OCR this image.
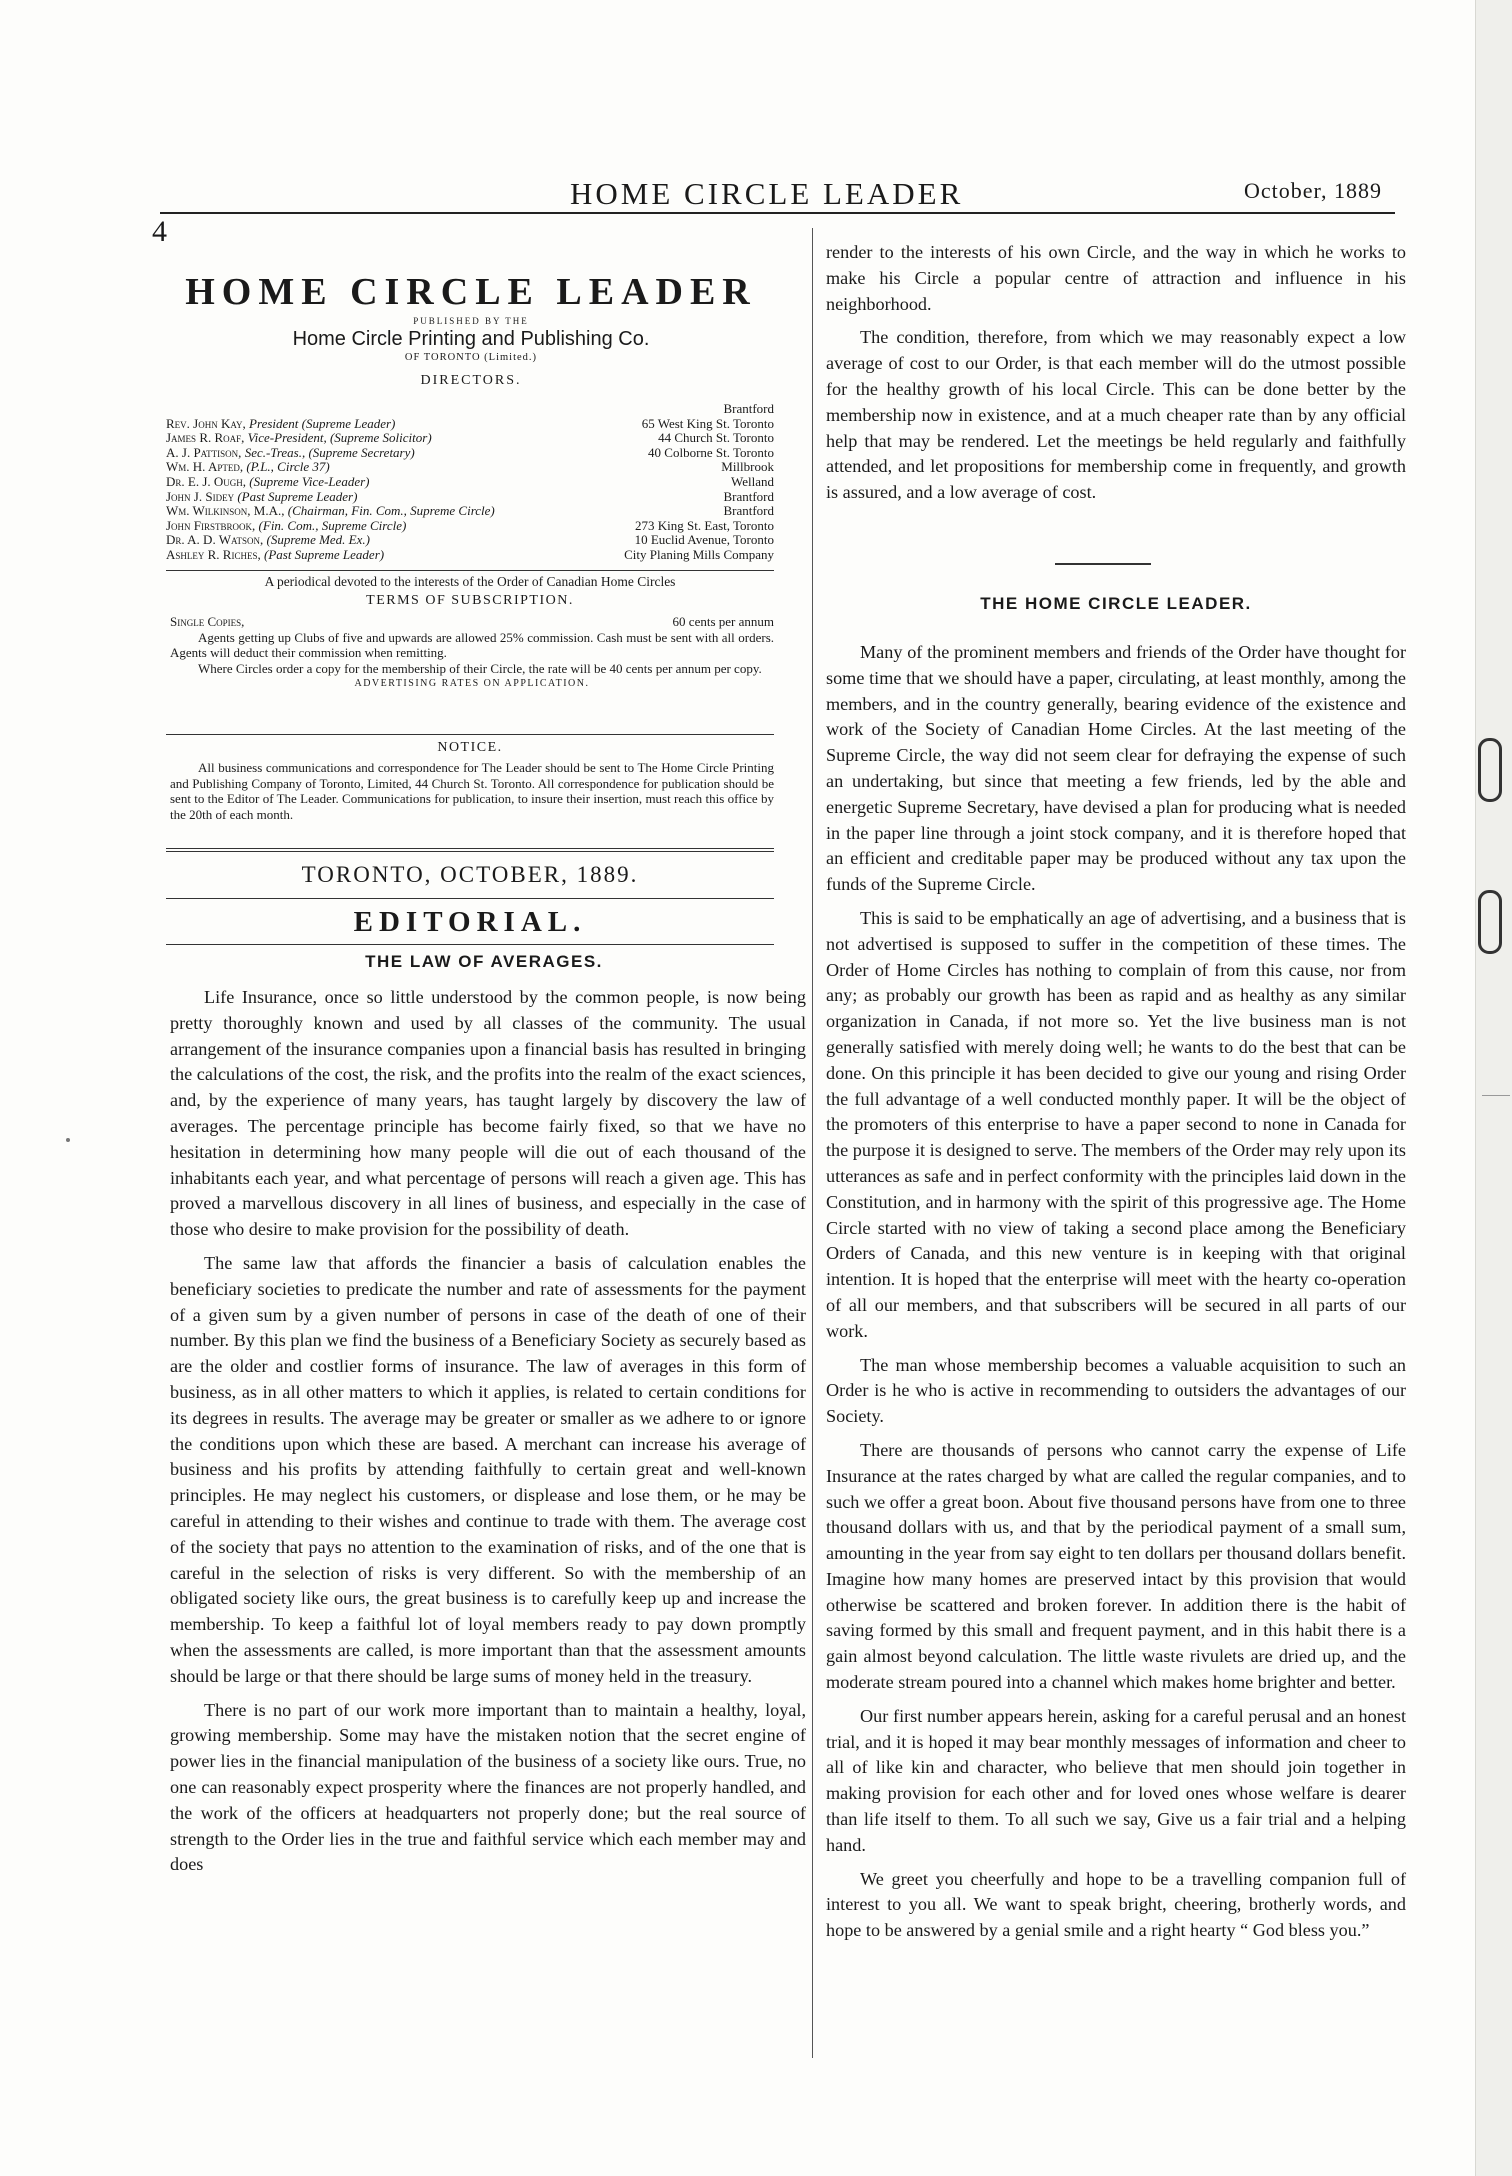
4
HOME CIRCLE LEADER	October, 1889
HOME CIRCLE LEADER
PUBLISHED BY THE
Home Circle Printing and Publishing Co.
OF TORONTO (Limited.)
DIRECTORS.
Brantford
Rev. John Kay, President (Supreme Leader)	65 West King St. Toronto
James R. Roaf, Vice-President, (Supreme Solicitor)	44 Church St. Toronto
A. J. Pattison, Sec.-Treas., (Supreme Secretary)	40 Colborne St. Toronto
Wm. H. Apted, (P.L., Circle 37)	Millbrook
Dr. E. J. Ough, (Supreme Vice-Leader)	Welland
John J. Sidey (Past Supreme Leader)	Brantford
Wm. Wilkinson, M.A., (Chairman, Fin. Com., Supreme Circle)	Brantford
John Firstbrook, (Fin. Com., Supreme Circle)	273 King St. East, Toronto
Dr. A. D. Watson, (Supreme Med. Ex.)	10 Euclid Avenue, Toronto
Ashley R. Riches, (Past Supreme Leader)	City Planing Mills Company
A periodical devoted to the interests of the Order of Canadian Home Circles
TERMS OF SUBSCRIPTION.
Single Copies,	60 cents per annum

Agents getting up Clubs of five and upwards are allowed 25% commission. Cash must be sent with all orders. Agents will deduct their commission when remitting.

Where Circles order a copy for the membership of their Circle, the rate will be 40 cents per annum per copy.

ADVERTISING RATES ON APPLICATION.
NOTICE.

All business communications and correspondence for The Leader should be sent to The Home Circle Printing and Publishing Company of Toronto, Limited, 44 Church St. Toronto. All correspondence for publication should be sent to the Editor of The Leader. Communications for publication, to insure their insertion, must reach this office by the 20th of each month.

TORONTO, OCTOBER, 1889.
EDITORIAL.
THE LAW OF AVERAGES.

Life Insurance, once so little understood by the common people, is now being pretty thoroughly known and used by all classes of the community. The usual arrangement of the insurance companies upon a financial basis has resulted in bringing the calculations of the cost, the risk, and the profits into the realm of the exact sciences, and, by the experience of many years, has taught largely by discovery the law of averages. The percentage principle has become fairly fixed, so that we have no hesitation in determining how many people will die out of each thousand of the inhabitants each year, and what percentage of persons will reach a given age. This has proved a marvellous discovery in all lines of business, and especially in the case of those who desire to make provision for the possibility of death.

The same law that affords the financier a basis of calculation enables the beneficiary societies to predicate the number and rate of assessments for the payment of a given sum by a given number of persons in case of the death of one of their number. By this plan we find the business of a Beneficiary Society as securely based as are the older and costlier forms of insurance. The law of averages in this form of business, as in all other matters to which it applies, is related to certain conditions for its degrees in results. The average may be greater or smaller as we adhere to or ignore the conditions upon which these are based. A merchant can increase his average of business and his profits by attending faithfully to certain great and well-known principles. He may neglect his customers, or displease and lose them, or he may be careful in attending to their wishes and continue to trade with them. The average cost of the society that pays no attention to the examination of risks, and of the one that is careful in the selection of risks is very different. So with the membership of an obligated society like ours, the great business is to carefully keep up and increase the membership. To keep a faithful lot of loyal members ready to pay down promptly when the assessments are called, is more important than that the assessment amounts should be large or that there should be large sums of money held in the treasury.

There is no part of our work more important than to maintain a healthy, loyal, growing membership. Some may have the mistaken notion that the secret engine of power lies in the financial manipulation of the business of a society like ours. True, no one can reasonably expect prosperity where the finances are not properly handled, and the work of the officers at headquarters not properly done; but the real source of strength to the Order lies in the true and faithful service which each member may and does

render to the interests of his own Circle, and the way in which he works to make his Circle a popular centre of attraction and influence in his neighborhood.

The condition, therefore, from which we may reasonably expect a low average of cost to our Order, is that each member will do the utmost possible for the healthy growth of his local Circle. This can be done better by the membership now in existence, and at a much cheaper rate than by any official help that may be rendered. Let the meetings be held regularly and faithfully attended, and let propositions for membership come in frequently, and growth is assured, and a low average of cost.

THE HOME CIRCLE LEADER.

Many of the prominent members and friends of the Order have thought for some time that we should have a paper, circulating, at least monthly, among the members, and in the country generally, bearing evidence of the existence and work of the Society of Canadian Home Circles. At the last meeting of the Supreme Circle, the way did not seem clear for defraying the expense of such an undertaking, but since that meeting a few friends, led by the able and energetic Supreme Secretary, have devised a plan for producing what is needed in the paper line through a joint stock company, and it is therefore hoped that an efficient and creditable paper may be produced without any tax upon the funds of the Supreme Circle.

This is said to be emphatically an age of advertising, and a business that is not advertised is supposed to suffer in the competition of these times. The Order of Home Circles has nothing to complain of from this cause, nor from any; as probably our growth has been as rapid and as healthy as any similar organization in Canada, if not more so. Yet the live business man is not generally satisfied with merely doing well; he wants to do the best that can be done. On this principle it has been decided to give our young and rising Order the full advantage of a well conducted monthly paper. It will be the object of the promoters of this enterprise to have a paper second to none in Canada for the purpose it is designed to serve. The members of the Order may rely upon its utterances as safe and in perfect conformity with the principles laid down in the Constitution, and in harmony with the spirit of this progressive age. The Home Circle started with no view of taking a second place among the Beneficiary Orders of Canada, and this new venture is in keeping with that original intention. It is hoped that the enterprise will meet with the hearty co-operation of all our members, and that subscribers will be secured in all parts of our work.

The man whose membership becomes a valuable acquisition to such an Order is he who is active in recommending to outsiders the advantages of our Society.

There are thousands of persons who cannot carry the expense of Life Insurance at the rates charged by what are called the regular companies, and to such we offer a great boon. About five thousand persons have from one to three thousand dollars with us, and that by the periodical payment of a small sum, amounting in the year from say eight to ten dollars per thousand dollars benefit. Imagine how many homes are preserved intact by this provision that would otherwise be scattered and broken forever. In addition there is the habit of saving formed by this small and frequent payment, and in this habit there is a gain almost beyond calculation. The little waste rivulets are dried up, and the moderate stream poured into a channel which makes home brighter and better.

Our first number appears herein, asking for a careful perusal and an honest trial, and it is hoped it may bear monthly messages of information and cheer to all of like kin and character, who believe that men should join together in making provision for each other and for loved ones whose welfare is dearer than life itself to them. To all such we say, Give us a fair trial and a helping hand.

We greet you cheerfully and hope to be a travelling companion full of interest to you all. We want to speak bright, cheering, brotherly words, and hope to be answered by a genial smile and a right hearty “ God bless you.”
